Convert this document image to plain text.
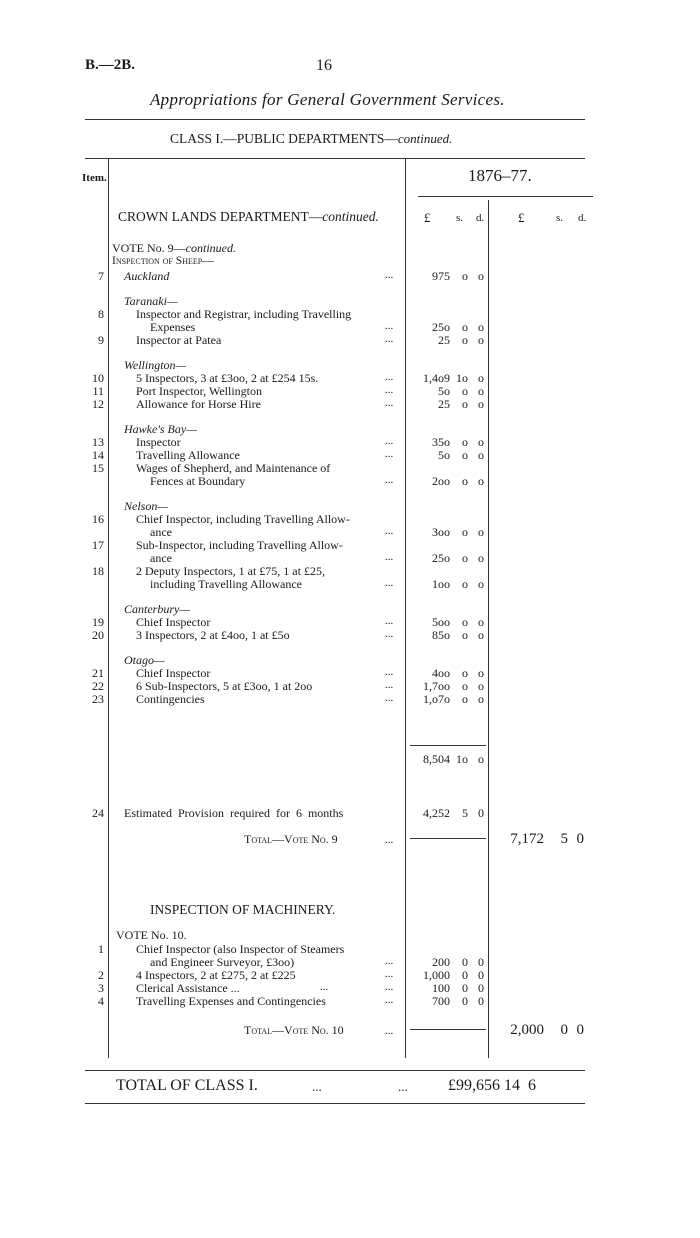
B.—2B.	16
Appropriations for General Government Services.
CLASS I.—PUBLIC DEPARTMENTS—continued.
Item.	1876–77.
CROWN LANDS DEPARTMENT—continued.	£ s. d.	£	s. d.
VOTE No. 9—continued.
Inspection of Sheep—
7 Auckland	...	975	o o
Taranaki—
8	Inspector and Registrar, including Travelling
Expenses	...	25o	o o
9	Inspector at Patea	...	25	o o
Wellington—
10	5 Inspectors, 3 at £3oo, 2 at £254 15s.	...	1,4o9 1o o
11	Port Inspector, Wellington	...	5o	o o
12	Allowance for Horse Hire	...	25	o o
Hawke's Bay—
13	Inspector	...	35o	o o
14	Travelling Allowance	...	5o	o o
15	Wages of Shepherd, and Maintenance of
Fences at Boundary	...	2oo	o o
Nelson—
16	Chief Inspector, including Travelling Allow-
ance	...	3oo	o o
17	Sub-Inspector, including Travelling Allow-
ance	...	25o	o o
18	2 Deputy Inspectors, 1 at £75, 1 at £25,
including Travelling Allowance	...	1oo	o o
Canterbury—
19	Chief Inspector	...	5oo	o o
20	3 Inspectors, 2 at £4oo, 1 at £5o	...	85o	o o
Otago—
21	Chief Inspector	...	4oo	o o
22	6 Sub-Inspectors, 5 at £3oo, 1 at 2oo	...	1,7oo	o o
23	Contingencies	...	1,o7o	o o
8,504 1o o
24 Estimated Provision required for 6 months	4,252	5 0
Total—Vote No. 9	...	7,172	5 0
INSPECTION OF MACHINERY.
VOTE No. 10.
1	Chief Inspector (also Inspector of Steamers
and Engineer Surveyor, £3oo)	...	200	0 0
2	4 Inspectors, 2 at £275, 2 at £225	...	1,000	0 0
3	Clerical Assistance ...	...	...	100	0 0
4	Travelling Expenses and Contingencies	...	700	0 0
Total—Vote No. 10	...	2,000	0 0
TOTAL OF CLASS I.	...	...	£99,656 14  6
